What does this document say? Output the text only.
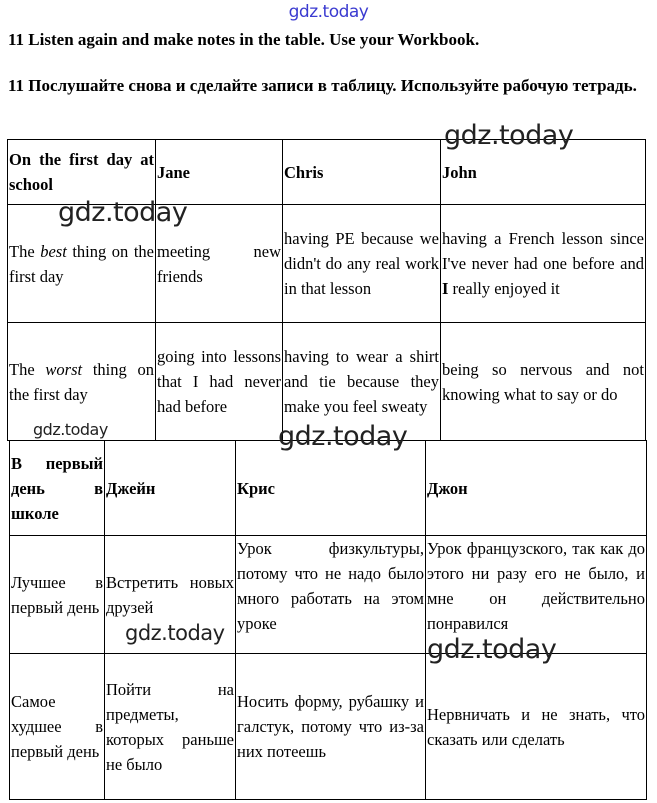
gdz.today
11 Listen again and make notes in the table. Use your Workbook.
11 Послушайте снова и сделайте записи в таблицу. Используйте рабочую тетрадь.
On the first day at school	Jane	Chris	John
The best thing on the first day	meeting new friends	having PE because we didn't do any real work in that lesson	having a French lesson since I've never had one before and I really enjoyed it
The worst thing on the first day	going into lessons that I had never had before	having to wear a shirt and tie because they make you feel sweaty	being so nervous and not knowing what to say or do
В первый день в школе	Джейн	Крис	Джон
Лучшее в первый день	Встретить новых друзей	Урок физкультуры, потому что не надо было много работать на этом уроке	Урок французского, так как до этого ни разу его не было, и мне он действительно понравился
Самое худшее в первый день	Пойти на предметы, которых раньше не было	Носить форму, рубашку и галстук, потому что из-за них потеешь	Нервничать и не знать, что сказать или сделать
gdz.today
gdz.today
gdz.today	gdz.today
gdz.today
gdz.today
